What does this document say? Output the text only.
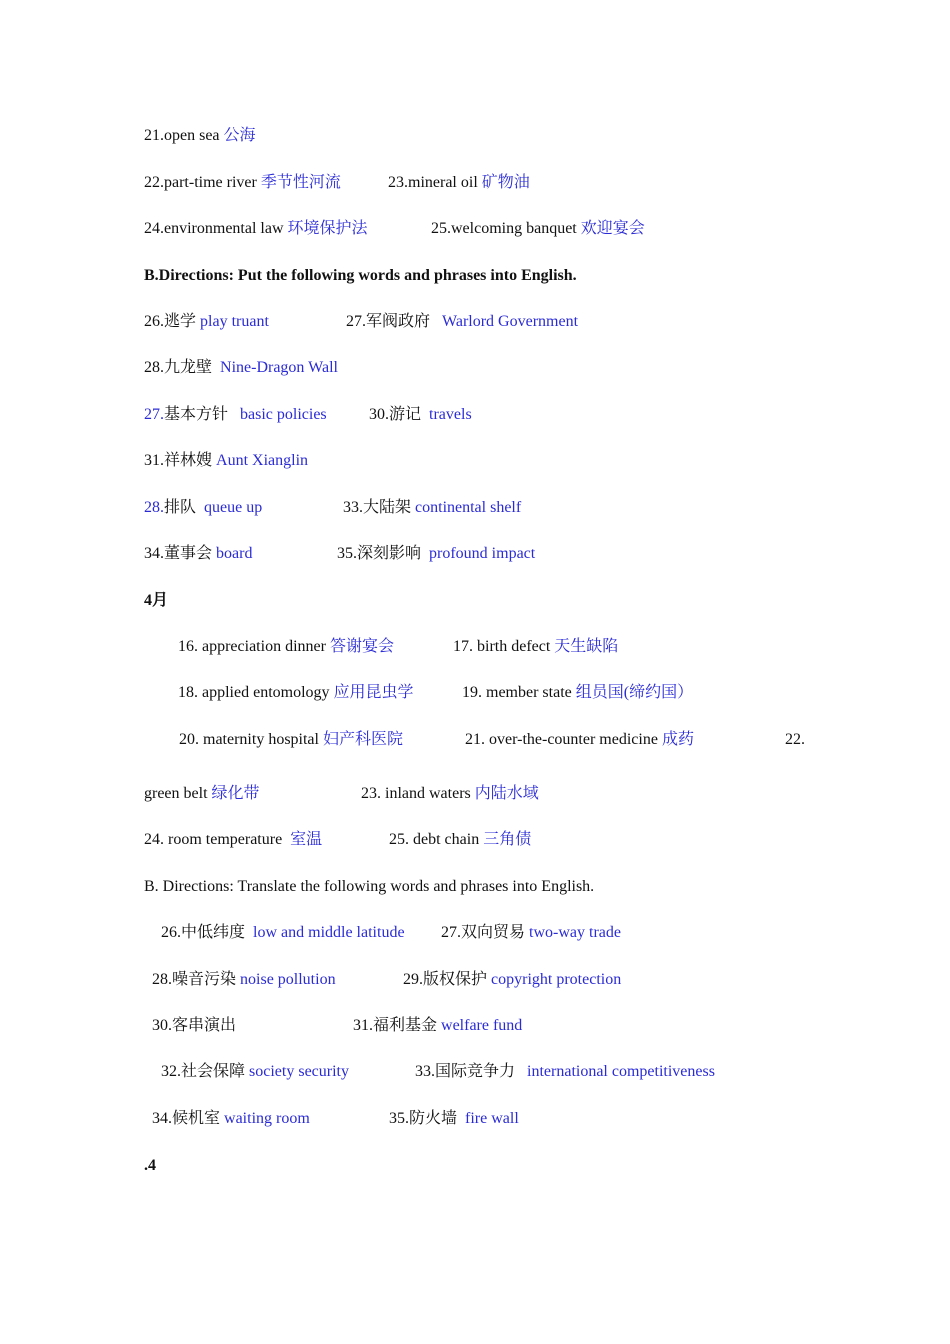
21.open sea 公海
22.part-time river 季节性河流	23.mineral oil 矿物油
24.environmental law 环境保护法	25.welcoming banquet 欢迎宴会
B.Directions: Put the following words and phrases into English.
26.逃学 play truant	27.军阀政府 Warlord Government
28.九龙壁 Nine-Dragon Wall
27.基本方针 basic policies	30.游记 travels
31.祥林嫂 Aunt Xianglin
28.排队 queue up	33.大陆架 continental shelf
34.董事会 board	35.深刻影响 profound impact
4月
16. appreciation dinner 答谢宴会	17. birth defect 天生缺陷
18. applied entomology 应用昆虫学	19. member state 组员国(缔约国）
20. maternity hospital 妇产科医院	21. over-the-counter medicine 成药	22.
green belt 绿化带	23. inland waters 内陆水域
24. room temperature 室温	25. debt chain 三角债
B. Directions: Translate the following words and phrases into English.
26.中低纬度 low and middle latitude 27.双向贸易 two-way trade
28.噪音污染 noise pollution	29.版权保护 copyright protection
30.客串演出	31.福利基金 welfare fund
32.社会保障 society security	33.国际竞争力 international competitiveness
34.候机室 waiting room	35.防火墙 fire wall
.4
